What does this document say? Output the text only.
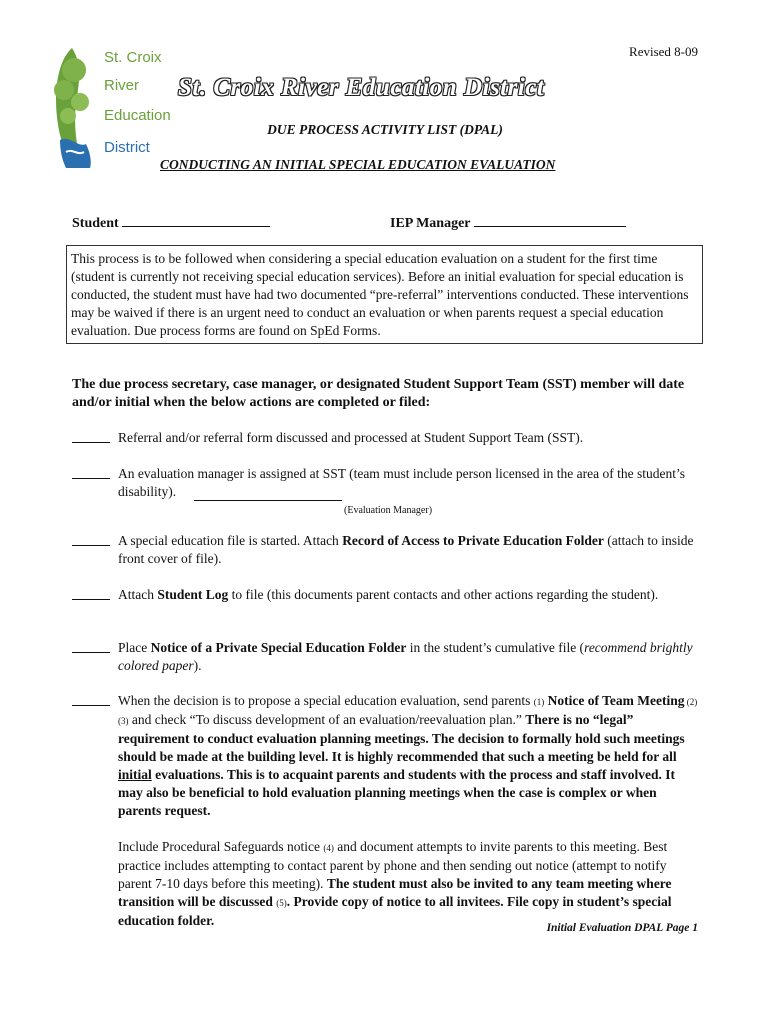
St. Croix
River
Education
District
Revised 8-09
St. Croix River Education District
DUE PROCESS ACTIVITY LIST (DPAL)
CONDUCTING AN INITIAL SPECIAL EDUCATION EVALUATION
Student	IEP Manager
This process is to be followed when considering a special education evaluation on a student for the first time (student is currently not receiving special education services). Before an initial evaluation for special education is conducted, the student must have had two documented “pre-referral” interventions conducted. These interventions may be waived if there is an urgent need to conduct an evaluation or when parents request a special education evaluation. Due process forms are found on SpEd Forms.
The due process secretary, case manager, or designated Student Support Team (SST) member will date and/or initial when the below actions are completed or filed:
Referral and/or referral form discussed and processed at Student Support Team (SST).
An evaluation manager is assigned at SST (team must include person licensed in the area of the student’s disability).
(Evaluation Manager)
A special education file is started. Attach Record of Access to Private Education Folder (attach to inside front cover of file).
Attach Student Log to file (this documents parent contacts and other actions regarding the student).
Place Notice of a Private Special Education Folder in the student’s cumulative file (recommend brightly colored paper).
When the decision is to propose a special education evaluation, send parents (1) Notice of Team Meeting (2) (3) and check “To discuss development of an evaluation/reevaluation plan.” There is no “legal” requirement to conduct evaluation planning meetings. The decision to formally hold such meetings should be made at the building level. It is highly recommended that such a meeting be held for all initial evaluations. This is to acquaint parents and students with the process and staff involved. It may also be beneficial to hold evaluation planning meetings when the case is complex or when parents request.
Include Procedural Safeguards notice (4) and document attempts to invite parents to this meeting. Best practice includes attempting to contact parent by phone and then sending out notice (attempt to notify parent 7-10 days before this meeting). The student must also be invited to any team meeting where transition will be discussed (5). Provide copy of notice to all invitees. File copy in student’s special education folder.	Initial Evaluation DPAL Page 1
